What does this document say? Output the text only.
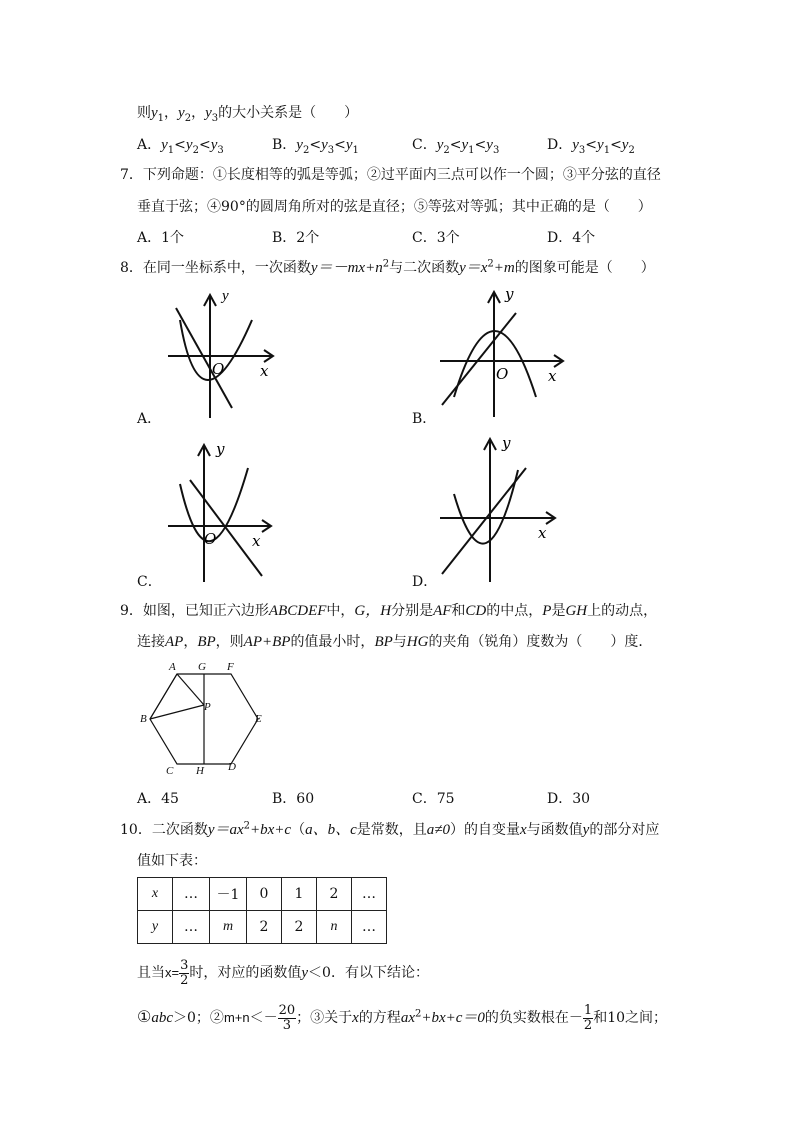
则$y_1$，$y_2$，$y_3$的大小关系是（　　）
A．$y_1<y_2<y_3$	B．$y_2<y_3<y_1$	C．$y_2<y_1<y_3$	D．$y_3<y_1<y_2$
7．下列命题：①长度相等的弧是等弧；②过平面内三点可以作一个圆；③平分弦的直径
垂直于弦；④90°的圆周角所对的弦是直径；⑤等弦对等弧；其中正确的是（　　）
A．1个	B．2个	C．3个	D．4个
8．在同一坐标系中，一次函数$y=-mx+n^2$与二次函数$y=x^2+m$的图象可能是（　　）
y
x
O
A．
y
x
O
B．
y
x
O
C．
y
x
D．
9．如图，已知正六边形ABCDEF中，G，H分别是AF和CD的中点，P是GH上的动点，
连接AP，BP，则AP+BP的值最小时，BP与HG的夹角（锐角）度数为（　　）度．
A G F
B
P
E
C H D
A．45	B．60	C．75	D．30
10．二次函数$y=ax^2+bx+c(a$、b、c是常数，且a≠0）的自变量x与函数值y的部分对应
值如下表：
x	…	－1	0	1	2	…
y	…	m	2	2	n	…
且当$x= \frac{3}{2}$ 时，对应的函数值y＜0．有以下结论：
①abc＞0；②m+n＜－ $\frac{20}{3}$ ；③关于x的方程$ax^2+bx+c=0$的负实数根在－ $\frac{1}{2}$ 和10之间；
